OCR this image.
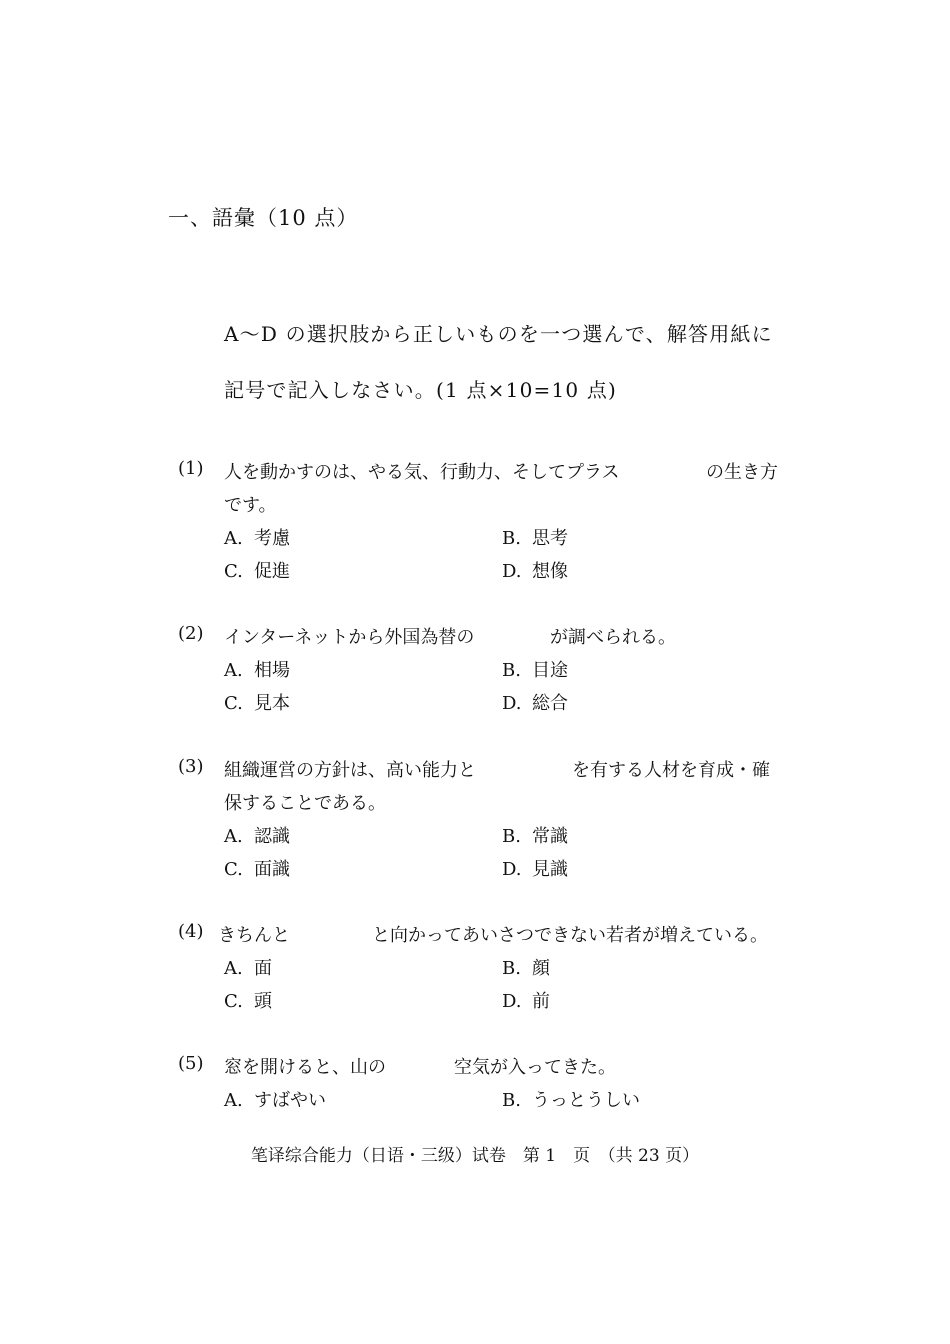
一、語彙（10 点）
A〜D の選択肢から正しいものを一つ選んで、解答用紙に
記号で記入しなさい。(1 点×10=10 点)
(1) 人を動かすのは、やる気、行動力、そしてプラス	の生き方
です。
A. 考慮	B. 思考
C. 促進	D. 想像
(2) インターネットから外国為替の	が調べられる。
A. 相場	B. 目途
C. 見本	D. 総合
(3) 組織運営の方針は、高い能力と	を有する人材を育成・確
保することである。
A. 認識	B. 常識
C. 面識	D. 見識
(4) きちんと	と向かってあいさつできない若者が増えている。
A. 面	B. 顔
C. 頭	D. 前
(5) 窓を開けると、山の	空気が入ってきた。
A. すばやい	B. うっとうしい
笔译综合能力（日语・三级）试卷　第 1　页　（共 23 页）
